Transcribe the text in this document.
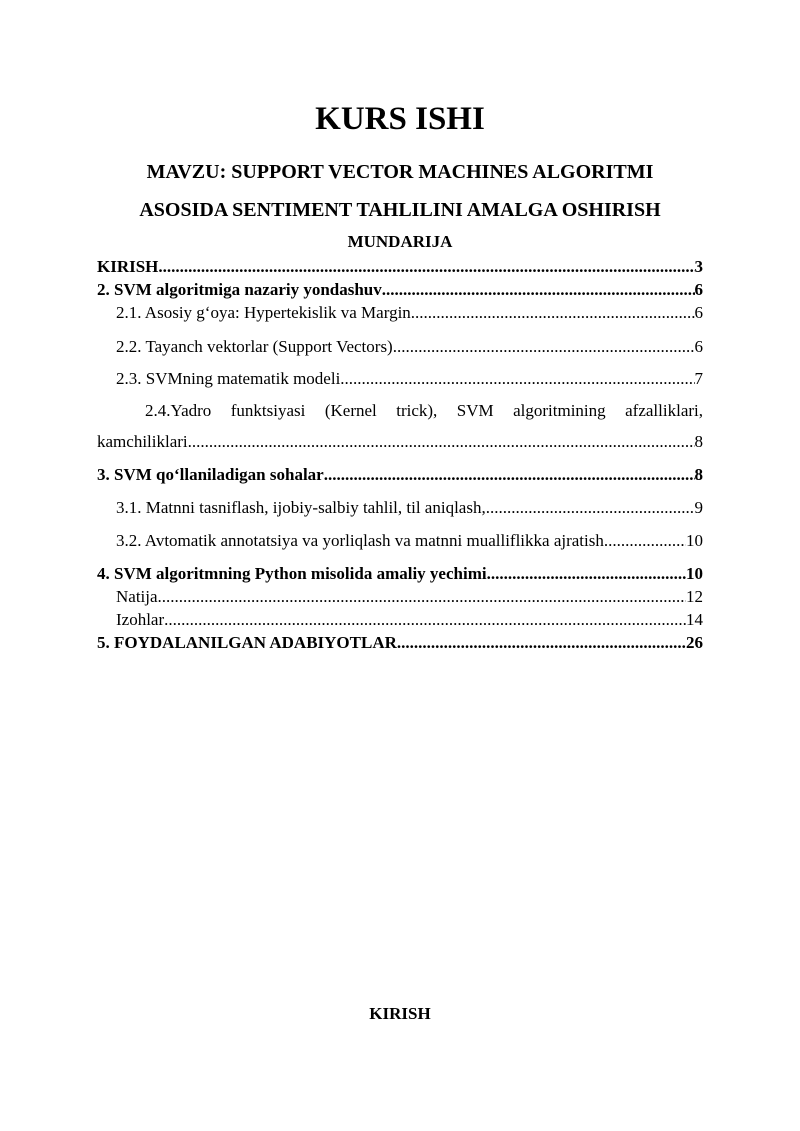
KURS ISHI
MAVZU: SUPPORT VECTOR MACHINES ALGORITMI
ASOSIDA SENTIMENT TAHLILINI AMALGA OSHIRISH
MUNDARIJA
KIRISH .....	3
2. SVM algoritmiga nazariy yondashuv .....	6
2.1. Asosiy g‘oya: Hypertekislik va Margin .....	6
2.2. Tayanch vektorlar (Support Vectors) .....	6
2.3. SVMning matematik modeli .....	7
2.4.Yadro funktsiyasi (Kernel trick), SVM algoritmining afzalliklari,
kamchiliklari .....	8
3. SVM qo‘llaniladigan sohalar .....	8
3.1. Matnni tasniflash, ijobiy-salbiy tahlil, til aniqlash, .....	9
3.2. Avtomatik annotatsiya va yorliqlash va matnni mualliflikka ajratish .....	10
4. SVM algoritmning Python misolida amaliy yechimi .....	10
Natija .....	12
Izohlar .....	14
5. FOYDALANILGAN ADABIYOTLAR .....	26
KIRISH
